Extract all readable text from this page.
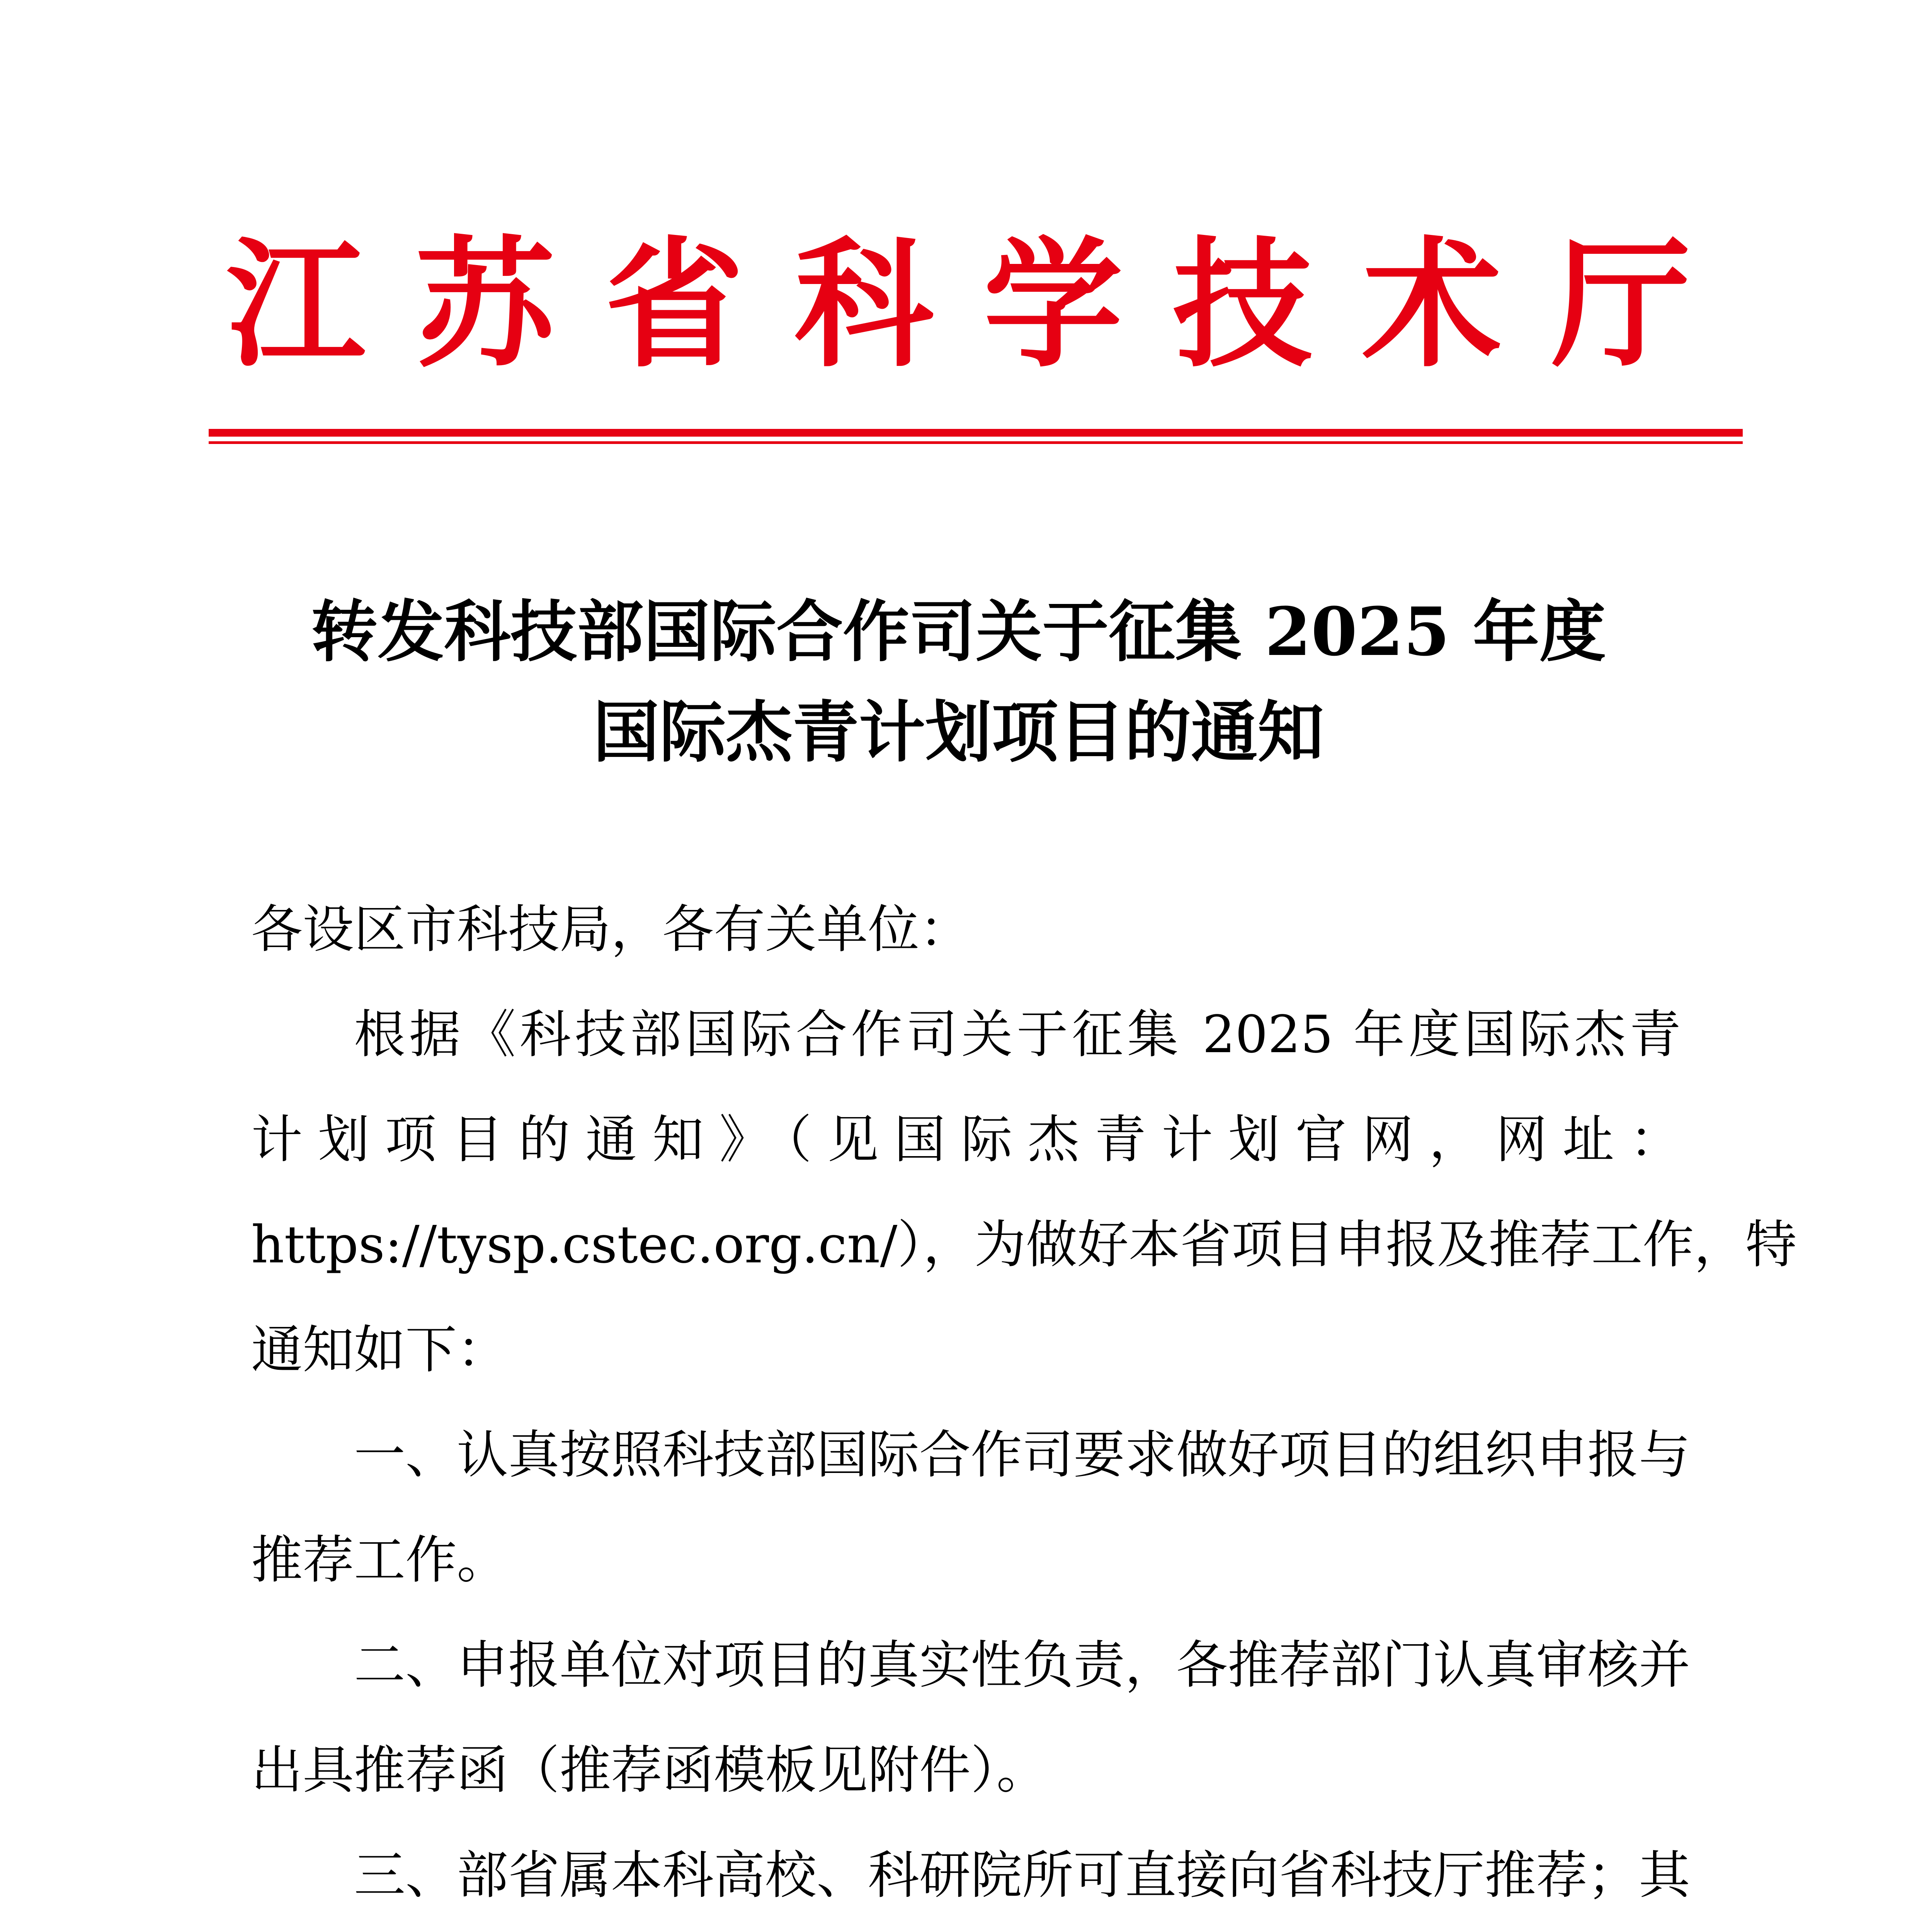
江 苏 省 科 学 技 术 厅
转发科技部国际合作司关于征集 2025 年度
国际杰青计划项目的通知
各设区市科技局，各有关单位：
根据《科技部国际合作司关于征集 2025 年度国际杰青
计划项目的通知》（见国际杰青计划官网，网址：
https://tysp.cstec.org.cn/），为做好本省项目申报及推荐工作，特
通知如下：
一、认真按照科技部国际合作司要求做好项目的组织申报与
推荐工作。
二、申报单位对项目的真实性负责，各推荐部门认真审核并
出具推荐函（推荐函模板见附件）。
三、部省属本科高校、科研院所可直接向省科技厅推荐；其
